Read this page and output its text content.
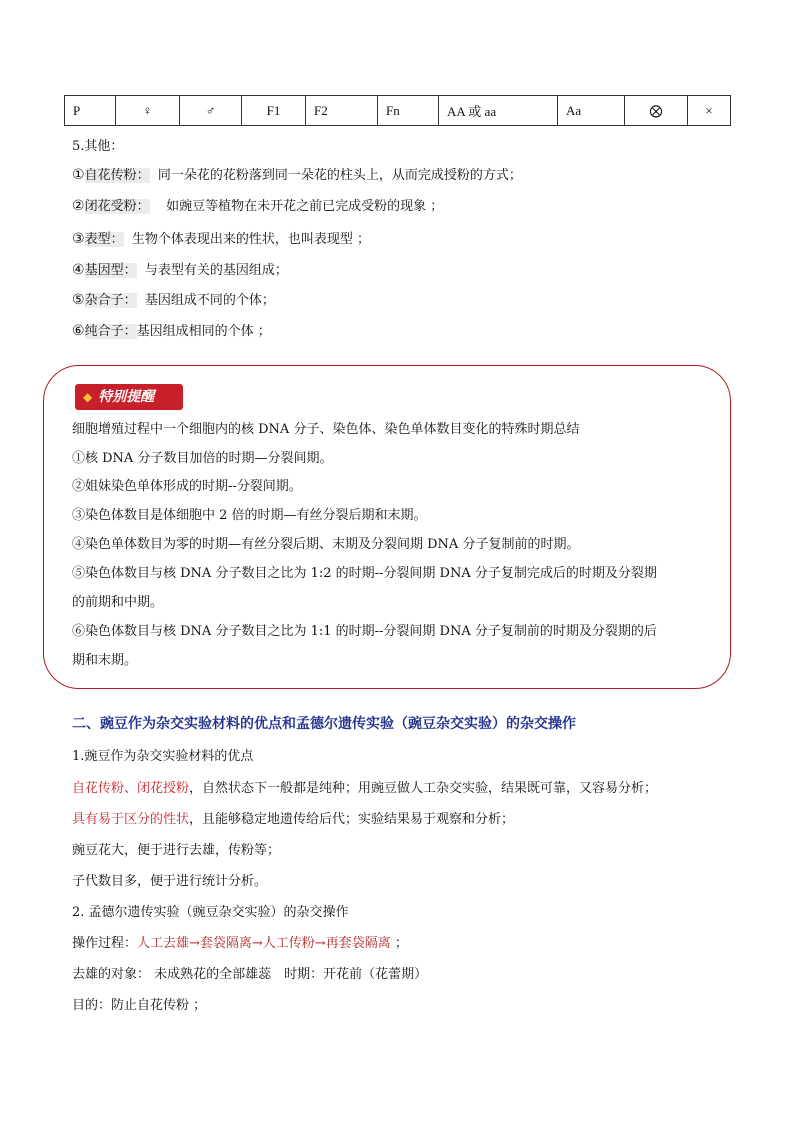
P	♀	♂	F1	F2	Fn	AA 或 aa	Aa	⨂	×
5.其他：
①自花传粉： 同一朵花的花粉落到同一朵花的柱头上，从而完成授粉的方式；
②闭花受粉： 如豌豆等植物在未开花之前已完成受粉的现象 ；
③表型： 生物个体表现出来的性状，也叫表现型 ；
④基因型： 与表型有关的基因组成；
⑤杂合子： 基因组成不同的个体；
⑥纯合子：基因组成相同的个体 ；
◆ 特别提醒
细胞增殖过程中一个细胞内的核 DNA 分子、染色体、染色单体数目变化的特殊时期总结
①核 DNA 分子数目加倍的时期—分裂间期。
②姐妹染色单体形成的时期--分裂间期。
③染色体数目是体细胞中 2 倍的时期—有丝分裂后期和末期。
④染色单体数目为零的时期—有丝分裂后期、末期及分裂间期 DNA 分子复制前的时期。
⑤染色体数目与核 DNA 分子数目之比为 1:2 的时期--分裂间期 DNA 分子复制完成后的时期及分裂期
的前期和中期。
⑥染色体数目与核 DNA 分子数目之比为 1:1 的时期--分裂间期 DNA 分子复制前的时期及分裂期的后
期和末期。
二、豌豆作为杂交实验材料的优点和孟德尔遗传实验（豌豆杂交实验）的杂交操作
1.豌豆作为杂交实验材料的优点
自花传粉、闭花授粉，自然状态下一般都是纯种；用豌豆做人工杂交实验，结果既可靠，又容易分析；
具有易于区分的性状，且能够稳定地遗传给后代；实验结果易于观察和分析；
豌豆花大，便于进行去雄，传粉等；
子代数目多，便于进行统计分析。
2. 孟德尔遗传实验（豌豆杂交实验）的杂交操作
操作过程：人工去雄→套袋隔离→人工传粉→再套袋隔离 ；
去雄的对象： 未成熟花的全部雄蕊　时期：开花前（花蕾期）
目的：防止自花传粉 ；
